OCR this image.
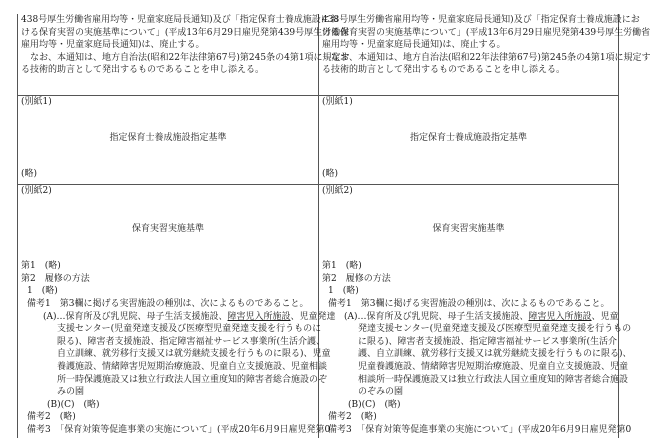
438号厚生労働省雇用均等・児童家庭局長通知)及び「指定保育士養成施設にお
ける保育実習の実施基準について」(平成13年6月29日雇児発第439号厚生労働省
雇用均等・児童家庭局長通知)は、廃止する。
なお、本通知は、地方自治法(昭和22年法律第67号)第245条の4第1項に規定す
る技術的助言として発出するものであることを申し添える。
(別紙1)
指定保育士養成施設指定基準
(略)
(別紙2)
保育実習実施基準
第1　(略)
第2　履修の方法
1　(略)
備考1　第3欄に掲げる実習施設の種別は、次によるものであること。
(A)…保育所及び乳児院、母子生活支援施設、障害児入所施設、児童発達
支援センター(児童発達支援及び医療型児童発達支援を行うものに
限る)、障害者支援施設、指定障害福祉サービス事業所(生活介護、
自立訓練、就労移行支援又は就労継続支援を行うものに限る)、児童
養護施設、情緒障害児短期治療施設、児童自立支援施設、児童相談
所一時保護施設又は独立行政法人国立重度知的障害者総合施設のぞ
みの園
(B)(C)　(略)
備考2　(略)
備考3　「保育対策等促進事業の実施について」(平成20年6月9日雇児発第0
438号厚生労働省雇用均等・児童家庭局長通知)及び「指定保育士養成施設にお
ける保育実習の実施基準について」(平成13年6月29日雇児発第439号厚生労働省
雇用均等・児童家庭局長通知)は、廃止する。
なお、本通知は、地方自治法(昭和22年法律第67号)第245条の4第1項に規定す
る技術的助言として発出するものであることを申し添える。
(別紙1)
指定保育士養成施設指定基準
(略)
(別紙2)
保育実習実施基準
第1　(略)
第2　履修の方法
1　(略)
備考1　第3欄に掲げる実習施設の種別は、次によるものであること。
(A)…保育所及び乳児院、母子生活支援施設、障害児入所施設、児童
発達支援センター(児童発達支援及び医療型児童発達支援を行うもの
に限る)、障害者支援施設、指定障害福祉サービス事業所(生活介
護、自立訓練、就労移行支援又は就労継続支援を行うものに限る)、
児童養護施設、情緒障害児短期治療施設、児童自立支援施設、児童
相談所一時保護施設又は独立行政法人国立重度知的障害者総合施設
のぞみの園
(B)(C)　(略)
備考2　(略)
備考3　「保育対策等促進事業の実施について」(平成20年6月9日雇児発第0
